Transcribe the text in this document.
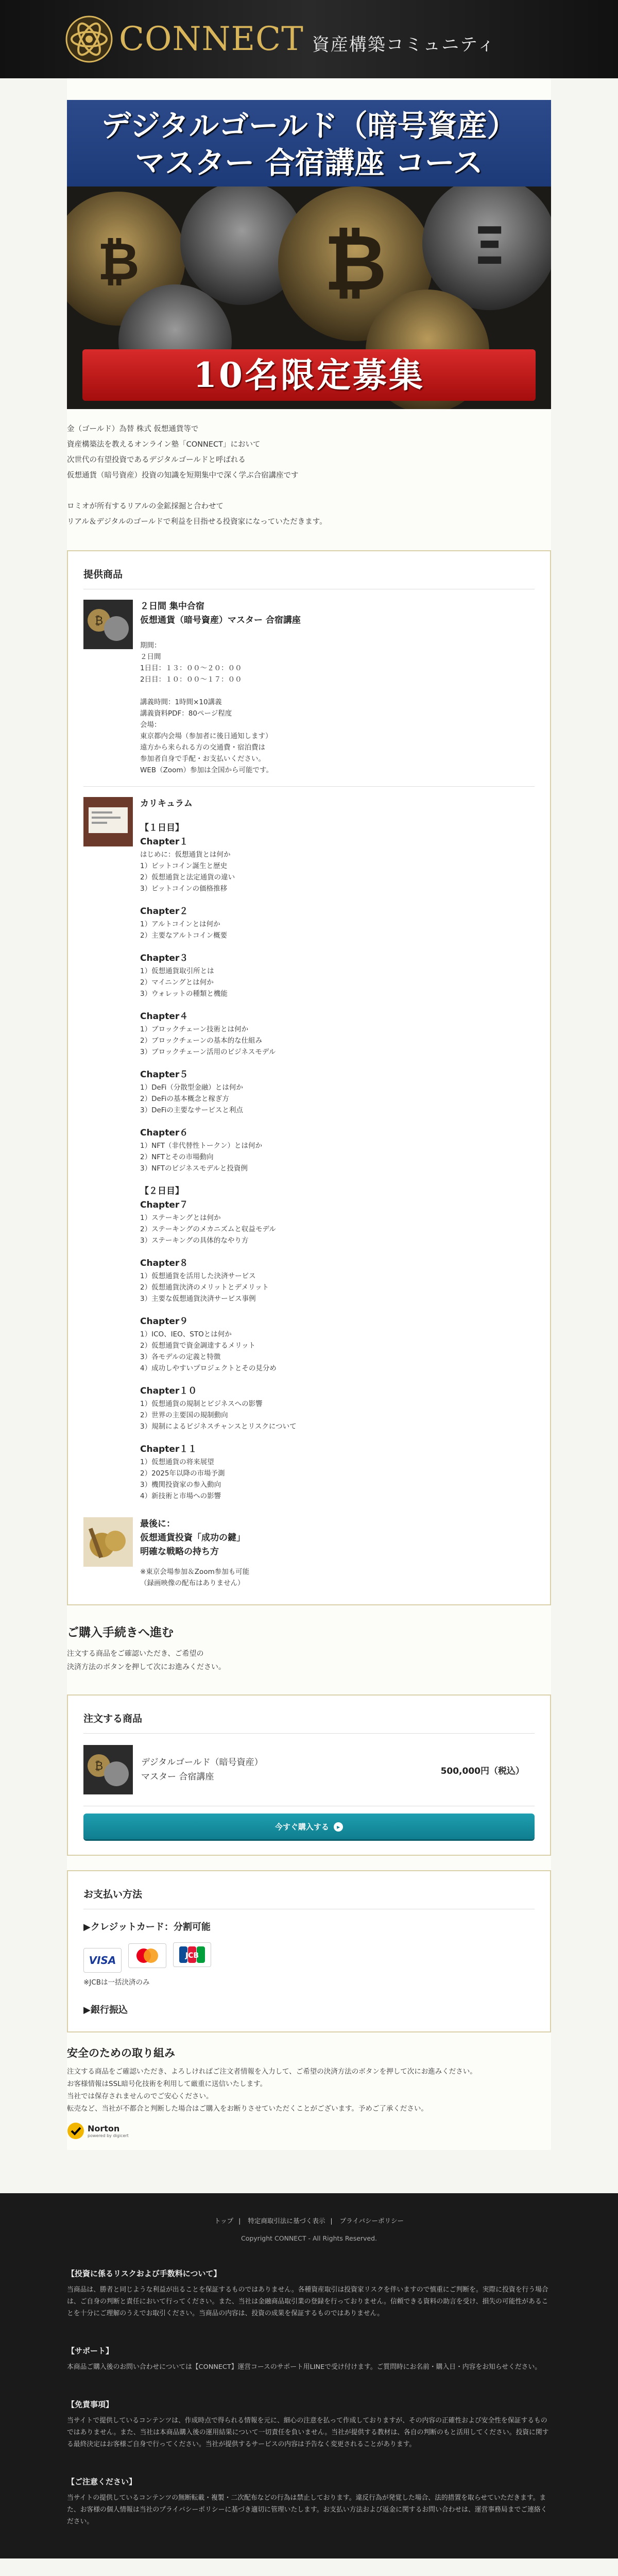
CONNECT 資産構築コミュニティ
デジタルゴールド（暗号資産）
マスター 合宿講座 コース
₿
₿	Ξ
10名限定募集
金（ゴールド）為替 株式 仮想通貨等で
資産構築法を教えるオンライン塾「CONNECT」において
次世代の有望投資であるデジタルゴールドと呼ばれる
仮想通貨（暗号資産）投資の知識を短期集中で深く学ぶ合宿講座です
ロミオが所有するリアルの金鉱採掘と合わせて
リアル＆デジタルのゴールドで利益を目指せる投資家になっていただきます。
提供商品
₿
２日間 集中合宿
仮想通貨（暗号資産）マスター 合宿講座
期間：
２日間
1日目：１３：００〜２０：００
2日目：１０：００〜１７：００
講義時間：1時間×10講義
講義資料PDF：80ページ程度
会場：
東京都内会場（参加者に後日通知します）
遠方から来られる方の交通費・宿泊費は
参加者自身で手配・お支払いください。
WEB（Zoom）参加は全国から可能です。
カリキュラム
【１日目】
Chapter１
はじめに：仮想通貨とは何か
1）ビットコイン誕生と歴史
2）仮想通貨と法定通貨の違い
3）ビットコインの価格推移
Chapter２
1）アルトコインとは何か
2）主要なアルトコイン概要
Chapter３
1）仮想通貨取引所とは
2）マイニングとは何か
3）ウォレットの種類と機能
Chapter４
1）ブロックチェーン技術とは何か
2）ブロックチェーンの基本的な仕組み
3）ブロックチェーン活用のビジネスモデル
Chapter５
1）DeFi（分散型金融）とは何か
2）DeFiの基本概念と稼ぎ方
3）DeFiの主要なサービスと利点
Chapter６
1）NFT（非代替性トークン）とは何か
2）NFTとその市場動向
3）NFTのビジネスモデルと投資例
【２日目】
Chapter７
1）ステーキングとは何か
2）ステーキングのメカニズムと収益モデル
3）ステーキングの具体的なやり方
Chapter８
1）仮想通貨を活用した決済サービス
2）仮想通貨決済のメリットとデメリット
3）主要な仮想通貨決済サービス事例
Chapter９
1）ICO、IEO、STOとは何か
2）仮想通貨で資金調達するメリット
3）各モデルの定義と特徴
4）成功しやすいプロジェクトとその見分め
Chapter１０
1）仮想通貨の規制とビジネスへの影響
2）世界の主要国の規制動向
3）規制によるビジネスチャンスとリスクについて
Chapter１１
1）仮想通貨の将来展望
2）2025年以降の市場予測
3）機関投資家の参入動向
4）新技術と市場への影響
最後に：
仮想通貨投資「成功の鍵」
明確な戦略の持ち方
※東京会場参加＆Zoom参加も可能
（録画映像の配布はありません）
ご購入手続きへ進む
注文する商品をご確認いただき、ご希望の
決済方法のボタンを押して次にお進みください。
注文する商品
₿	デジタルゴールド（暗号資産）
マスター 合宿講座
500,000円（税込）
今すぐ購入する ▸
お支払い方法
▶クレジットカード：分割可能
VISA

	JCB
※JCBは一括決済のみ
▶銀行振込
安全のための取り組み
注文する商品をご確認いただき、よろしければご注文者情報を入力して、ご希望の決済方法のボタンを押して次にお進みください。
お客様情報はSSL暗号化技術を利用して厳重に送信いたします。
当社では保存されませんのでご安心ください。
転売など、当社が不都合と判断した場合はご購入をお断りさせていただくことがございます。予めご了承ください。
Norton
powered by digicert
トップ | 特定商取引法に基づく表示 | プライバシーポリシー
Copyright CONNECT - All Rights Reserved.
【投資に係るリスクおよび手数料について】
当商品は、勝者と同じような利益が出ることを保証するものではありません。各種資産取引は投資家リスクを伴いますので慎重にご判断を。実際に投資を行う場合は、ご自身の判断と責任において行ってください。また、当社は金融商品取引業の登録を行っておりません。信頼できる資料の助言を受け、損失の可能性があることを十分にご理解のうえでお取引ください。当商品の内容は、投資の成果を保証するものではありません。
【サポート】
本商品ご購入後のお問い合わせについては【CONNECT】運営コースのサポート用LINEで受け付けます。ご質問時にお名前・購入日・内容をお知らせください。
【免責事項】
当サイトで提供しているコンテンツは、作成時点で得られる情報を元に、細心の注意を払って作成しておりますが、その内容の正確性および安全性を保証するものではありません。また、当社は本商品購入後の運用結果について一切責任を負いません。当社が提供する教材は、各自の判断のもと活用してください。投資に関する最終決定はお客様ご自身で行ってください。当社が提供するサービスの内容は予告なく変更されることがあります。
【ご注意ください】
当サイトの提供しているコンテンツの無断転載・複製・二次配布などの行為は禁止しております。違反行為が発覚した場合、法的措置を取らせていただきます。また、お客様の個人情報は当社のプライバシーポリシーに基づき適切に管理いたします。お支払い方法および返金に関するお問い合わせは、運営事務局までご連絡ください。
